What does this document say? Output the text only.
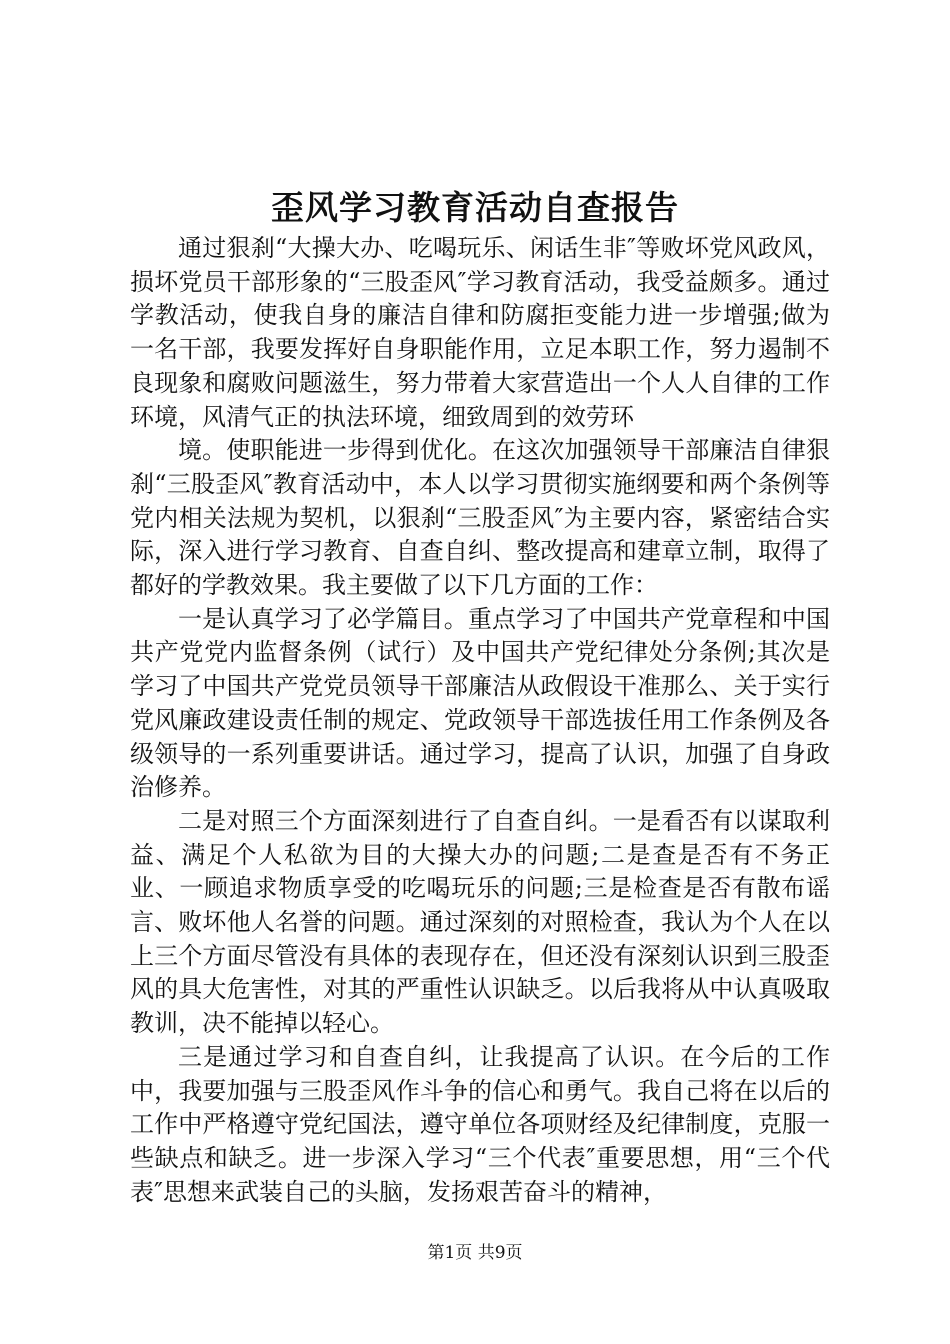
歪风学习教育活动自查报告

通过狠刹“大操大办、吃喝玩乐、闲话生非″等败坏党风政风，损坏党员干部形象的“三股歪风″学习教育活动，我受益颇多。通过学教活动，使我自身的廉洁自律和防腐拒变能力进一步增强;做为一名干部，我要发挥好自身职能作用，立足本职工作，努力遏制不良现象和腐败问题滋生，努力带着大家营造出一个人人自律的工作环境，风清气正的执法环境，细致周到的效劳环

境。使职能进一步得到优化。在这次加强领导干部廉洁自律狠刹“三股歪风″教育活动中，本人以学习贯彻实施纲要和两个条例等党内相关法规为契机，以狠刹“三股歪风″为主要内容，紧密结合实际，深入进行学习教育、自查自纠、整改提高和建章立制，取得了都好的学教效果。我主要做了以下几方面的工作：

一是认真学习了必学篇目。重点学习了中国共产党章程和中国共产党党内监督条例（试行）及中国共产党纪律处分条例;其次是学习了中国共产党党员领导干部廉洁从政假设干准那么、关于实行党风廉政建设责任制的规定、党政领导干部选拔任用工作条例及各级领导的一系列重要讲话。通过学习，提高了认识，加强了自身政治修养。

二是对照三个方面深刻进行了自查自纠。一是看否有以谋取利益、满足个人私欲为目的大操大办的问题;二是查是否有不务正业、一顾追求物质享受的吃喝玩乐的问题;三是检查是否有散布谣言、败坏他人名誉的问题。通过深刻的对照检查，我认为个人在以上三个方面尽管没有具体的表现存在，但还没有深刻认识到三股歪风的具大危害性，对其的严重性认识缺乏。以后我将从中认真吸取教训，决不能掉以轻心。

三是通过学习和自查自纠，让我提高了认识。在今后的工作中，我要加强与三股歪风作斗争的信心和勇气。我自己将在以后的工作中严格遵守党纪国法，遵守单位各项财经及纪律制度，克服一些缺点和缺乏。进一步深入学习“三个代表″重要思想，用“三个代表″思想来武装自己的头脑，发扬艰苦奋斗的精神，

第1页 共9页
